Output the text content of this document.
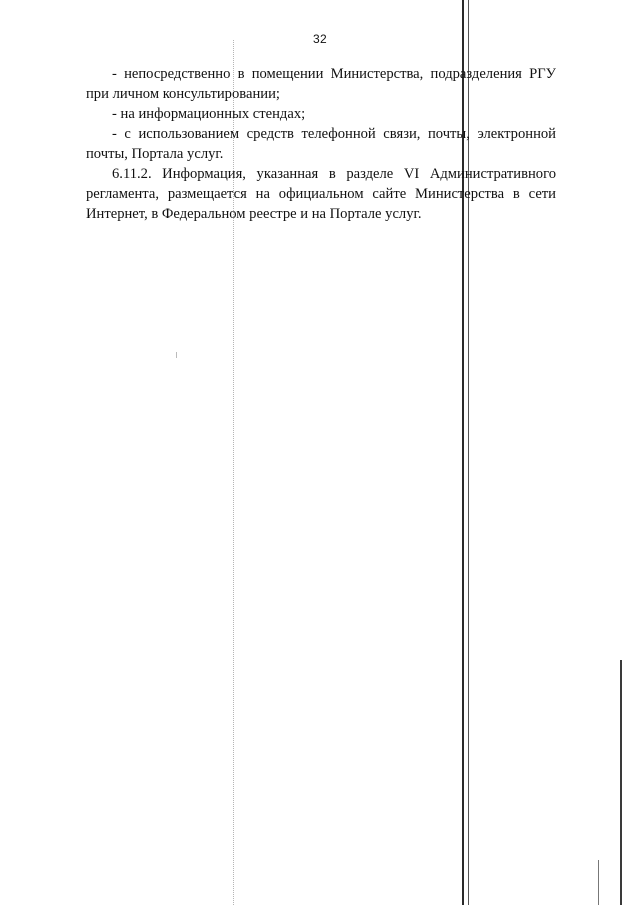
32

- непосредственно в помещении Министерства, подразделения РГУ при личном консультировании;

- на информационных стендах;

- с использованием средств телефонной связи, почты, электронной почты, Портала услуг.

6.11.2. Информация, указанная в разделе VI Административного регламента, размещается на официальном сайте Министерства в сети Интернет, в Федеральном реестре и на Портале услуг.
